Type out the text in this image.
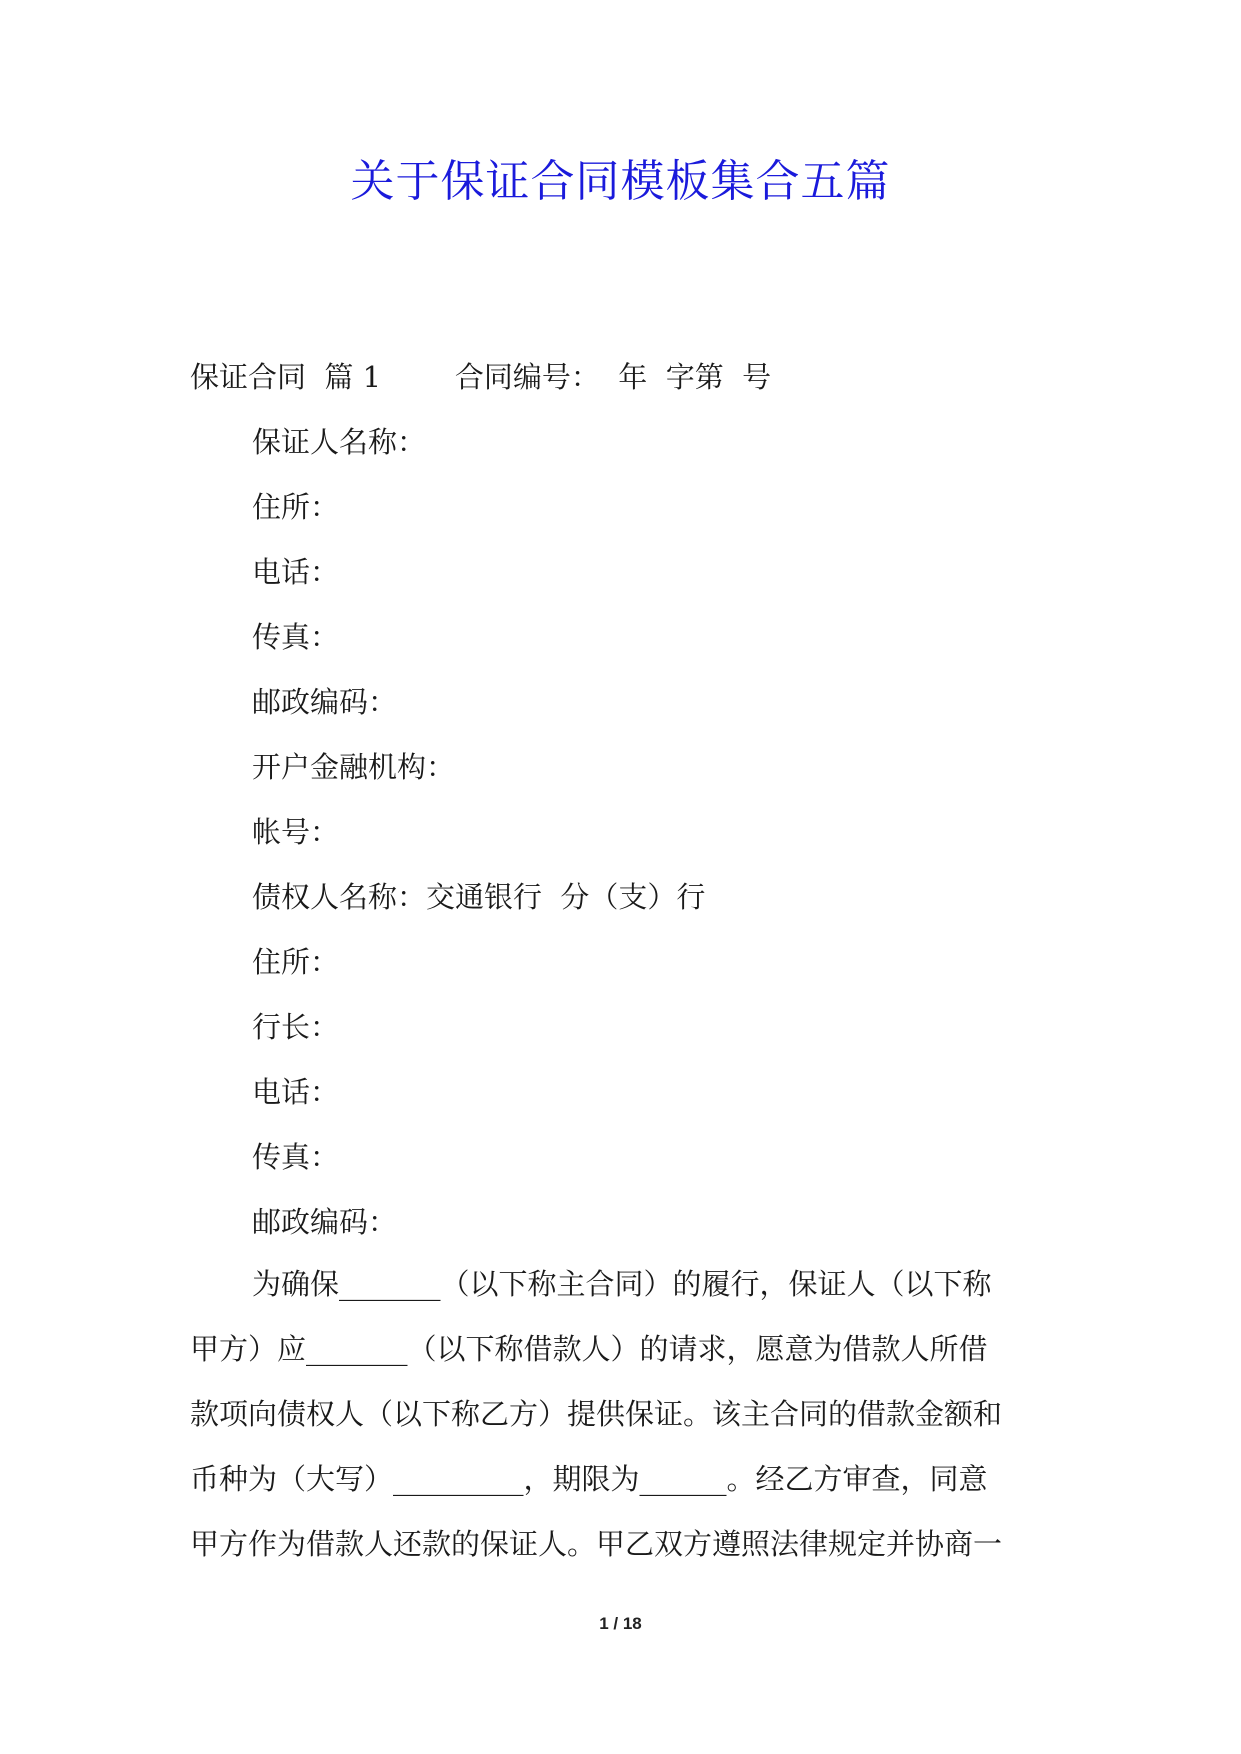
关于保证合同模板集合五篇
保证合同  篇 1        合同编号：  年  字第  号
保证人名称：
住所：
电话：
传真：
邮政编码：
开户金融机构：
帐号：
债权人名称：交通银行  分（支）行
住所：
行长：
电话：
传真：
邮政编码：
为确保_______（以下称主合同）的履行，保证人（以下称
甲方）应_______（以下称借款人）的请求，愿意为借款人所借
款项向债权人（以下称乙方）提供保证。该主合同的借款金额和
币种为（大写）_________，期限为______。经乙方审查，同意
甲方作为借款人还款的保证人。甲乙双方遵照法律规定并协商一
1 / 18
